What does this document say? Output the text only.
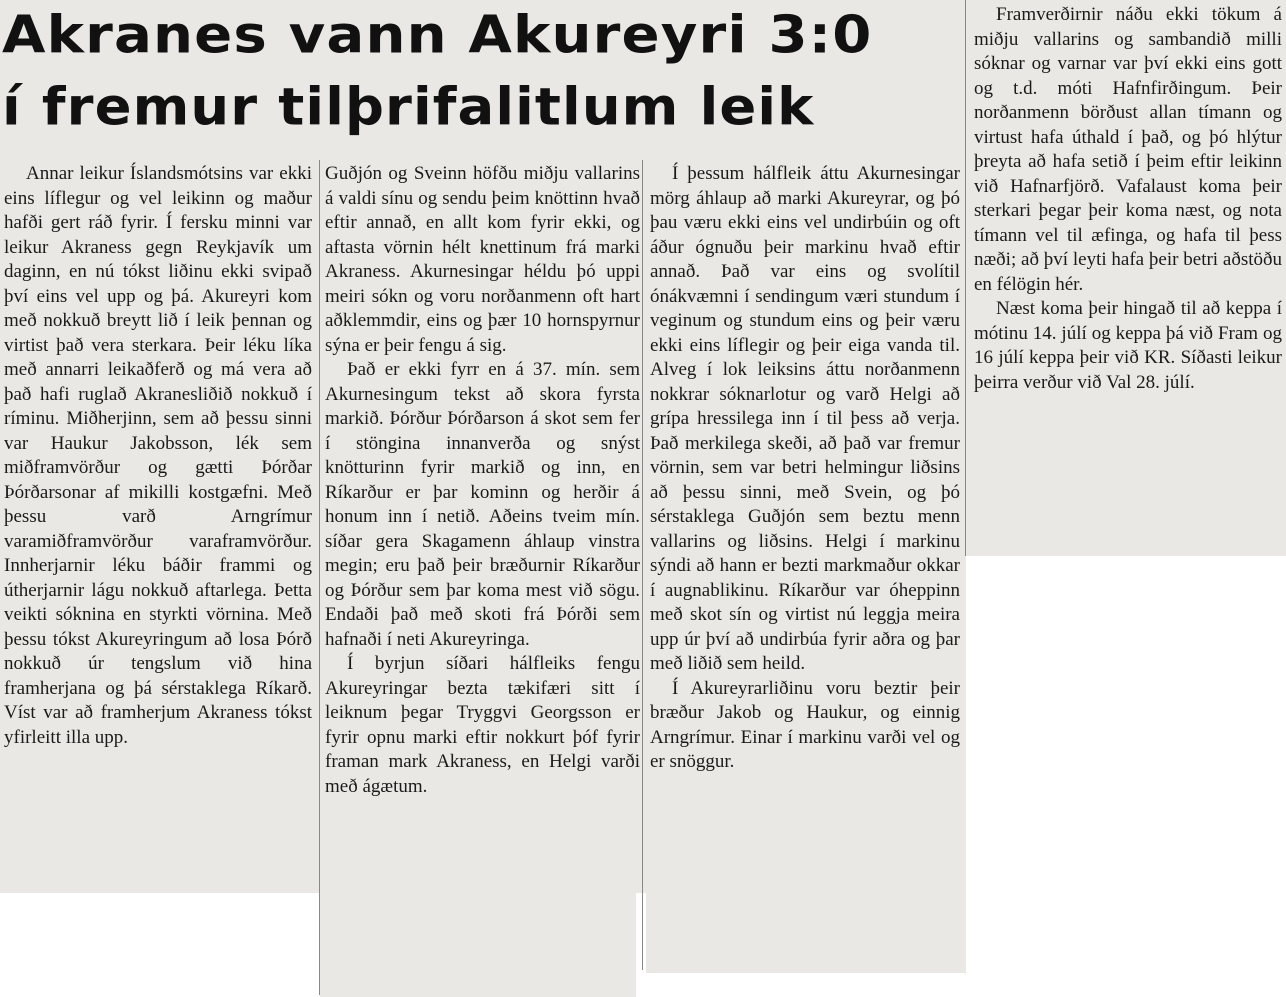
Akranes vann Akureyri 3:0
í fremur tilþrifalitlum leik

Annar leikur Íslandsmótsins var ekki eins líflegur og vel leikinn og maður hafði gert ráð fyrir. Í fersku minni var leikur Akraness gegn Reykjavík um daginn, en nú tókst liðinu ekki svipað því eins vel upp og þá. Akureyri kom með nokkuð breytt lið í leik þennan og virtist það vera sterkara. Þeir léku líka með annarri leikaðferð og má vera að það hafi ruglað Akranesliðið nokkuð í ríminu. Miðherjinn, sem að þessu sinni var Haukur Jakobsson, lék sem miðframvörður og gætti Þórðar Þórðarsonar af mikilli kostgæfni. Með þessu varð Arngrímur varamiðframvörður varaframvörður. Innherjarnir léku báðir frammi og útherjarnir lágu nokkuð aftarlega. Þetta veikti sóknina en styrkti vörnina. Með þessu tókst Akureyringum að losa Þórð nokkuð úr tengslum við hina framherjana og þá sérstaklega Ríkarð. Víst var að framherjum Akraness tókst yfirleitt illa upp.

Guðjón og Sveinn höfðu miðju vallarins á valdi sínu og sendu þeim knöttinn hvað eftir annað, en allt kom fyrir ekki, og aftasta vörnin hélt knettinum frá marki Akraness. Akurnesingar héldu þó uppi meiri sókn og voru norðanmenn oft hart aðklemmdir, eins og þær 10 hornspyrnur sýna er þeir fengu á sig.

Það er ekki fyrr en á 37. mín. sem Akurnesingum tekst að skora fyrsta markið. Þórður Þórðarson á skot sem fer í stöngina innanverða og snýst knötturinn fyrir markið og inn, en Ríkarður er þar kominn og herðir á honum inn í netið. Aðeins tveim mín. síðar gera Skagamenn áhlaup vinstra megin; eru það þeir bræðurnir Ríkarður og Þórður sem þar koma mest við sögu. Endaði það með skoti frá Þórði sem hafnaði í neti Akureyringa.

Í byrjun síðari hálfleiks fengu Akureyringar bezta tækifæri sitt í leiknum þegar Tryggvi Georgsson er fyrir opnu marki eftir nokkurt þóf fyrir framan mark Akraness, en Helgi varði með ágætum.

Í þessum hálfleik áttu Akurnesingar mörg áhlaup að marki Akureyrar, og þó þau væru ekki eins vel undirbúin og oft áður ógnuðu þeir markinu hvað eftir annað. Það var eins og svolítil ónákvæmni í sendingum væri stundum í veginum og stundum eins og þeir væru ekki eins líflegir og þeir eiga vanda til. Alveg í lok leiksins áttu norðanmenn nokkrar sóknarlotur og varð Helgi að grípa hressilega inn í til þess að verja. Það merkilega skeði, að það var fremur vörnin, sem var betri helmingur liðsins að þessu sinni, með Svein, og þó sérstaklega Guðjón sem beztu menn vallarins og liðsins. Helgi í markinu sýndi að hann er bezti markmaður okkar í augnablikinu. Ríkarður var óheppinn með skot sín og virtist nú leggja meira upp úr því að undirbúa fyrir aðra og þar með liðið sem heild.

Í Akureyrarliðinu voru beztir þeir bræður Jakob og Haukur, og einnig Arngrímur. Einar í markinu varði vel og er snöggur.

Framverðirnir náðu ekki tökum á miðju vallarins og sambandið milli sóknar og varnar var því ekki eins gott og t.d. móti Hafnfirðingum. Þeir norðanmenn börðust allan tímann og virtust hafa úthald í það, og þó hlýtur þreyta að hafa setið í þeim eftir leikinn við Hafnarfjörð. Vafalaust koma þeir sterkari þegar þeir koma næst, og nota tímann vel til æfinga, og hafa til þess næði; að því leyti hafa þeir betri aðstöðu en félögin hér.

Næst koma þeir hingað til að keppa í mótinu 14. júlí og keppa þá við Fram og 16 júlí keppa þeir við KR. Síðasti leikur þeirra verður við Val 28. júlí.
